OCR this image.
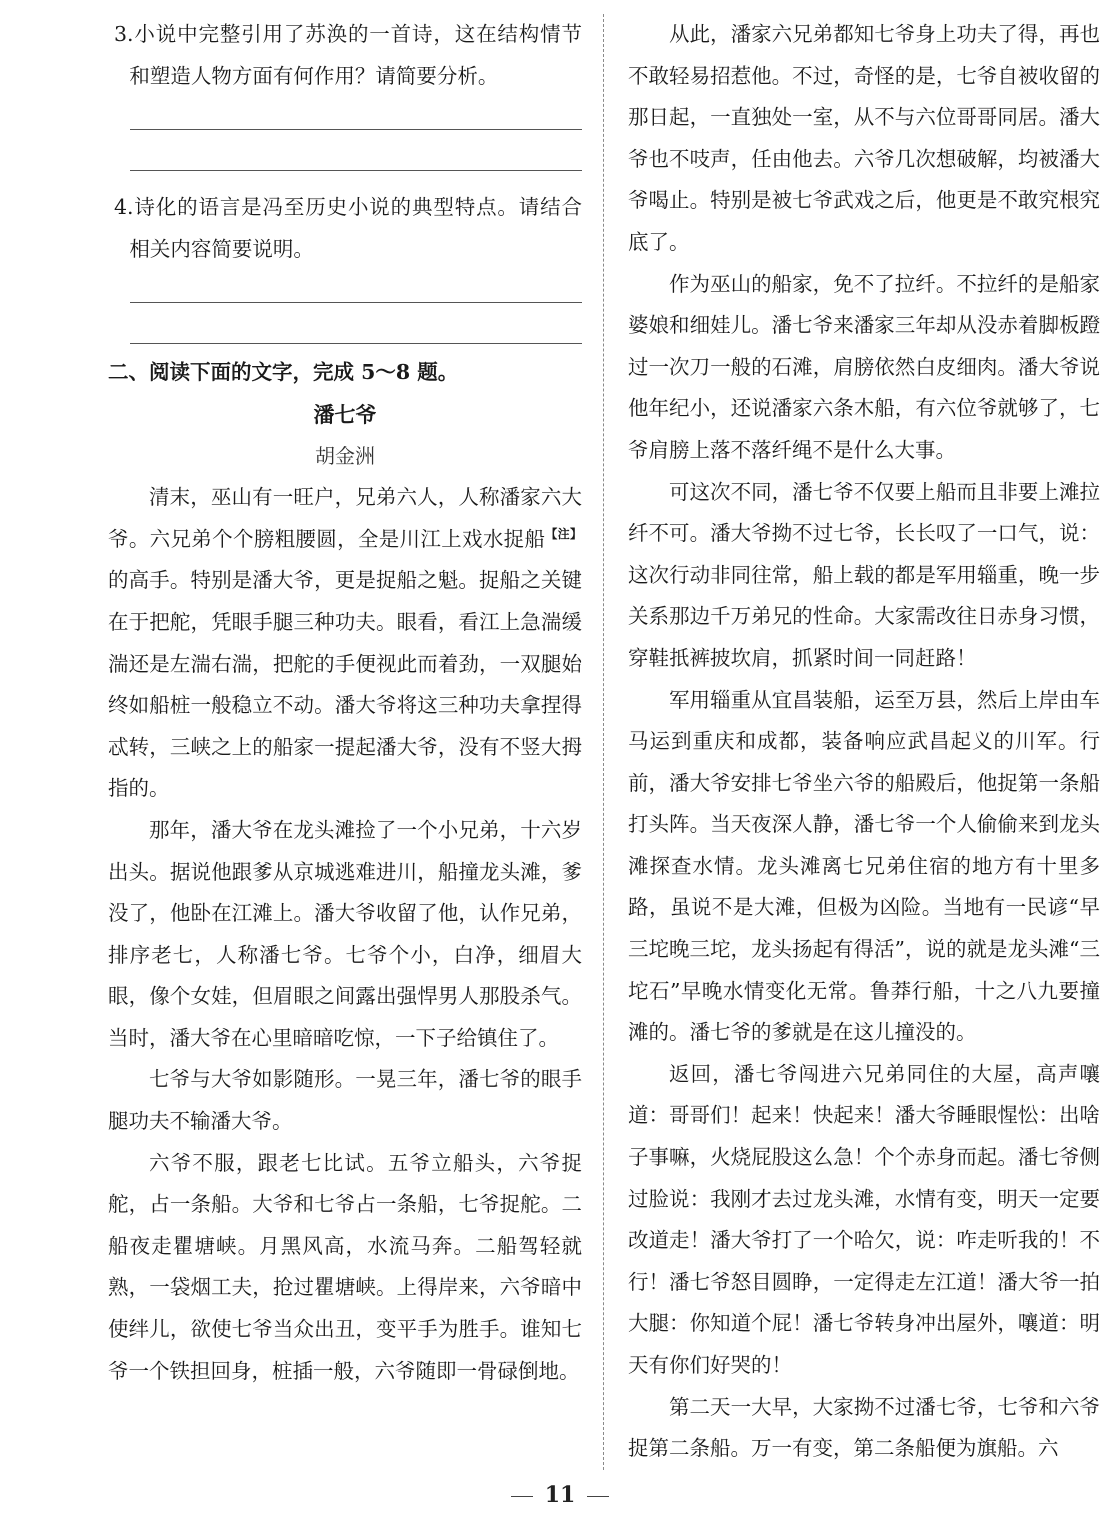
3.小说中完整引用了苏涣的一首诗，这在结构情节和塑造人物方面有何作用？请简要分析。

4.诗化的语言是冯至历史小说的典型特点。请结合相关内容简要说明。

二、阅读下面的文字，完成 5～8 题。

潘七爷

胡金洲

清末，巫山有一旺户，兄弟六人，人称潘家六大爷。六兄弟个个膀粗腰圆，全是川江上戏水捉船$^{【注】}$的高手。特别是潘大爷，更是捉船之魁。捉船之关键在于把舵，凭眼手腿三种功夫。眼看，看江上急湍缓湍还是左湍右湍，把舵的手便视此而着劲，一双腿始终如船桩一般稳立不动。潘大爷将这三种功夫拿捏得忒转，三峡之上的船家一提起潘大爷，没有不竖大拇指的。

那年，潘大爷在龙头滩捡了一个小兄弟，十六岁出头。据说他跟爹从京城逃难进川，船撞龙头滩，爹没了，他卧在江滩上。潘大爷收留了他，认作兄弟，排序老七，人称潘七爷。七爷个小，白净，细眉大眼，像个女娃，但眉眼之间露出强悍男人那股杀气。当时，潘大爷在心里暗暗吃惊，一下子给镇住了。

七爷与大爷如影随形。一晃三年，潘七爷的眼手腿功夫不输潘大爷。

六爷不服，跟老七比试。五爷立船头，六爷捉舵，占一条船。大爷和七爷占一条船，七爷捉舵。二船夜走瞿塘峡。月黑风高，水流马奔。二船驾轻就熟，一袋烟工夫，抢过瞿塘峡。上得岸来，六爷暗中使绊儿，欲使七爷当众出丑，变平手为胜手。谁知七爷一个铁担回身，桩插一般，六爷随即一骨碌倒地。

从此，潘家六兄弟都知七爷身上功夫了得，再也不敢轻易招惹他。不过，奇怪的是，七爷自被收留的那日起，一直独处一室，从不与六位哥哥同居。潘大爷也不吱声，任由他去。六爷几次想破解，均被潘大爷喝止。特别是被七爷武戏之后，他更是不敢究根究底了。

作为巫山的船家，免不了拉纤。不拉纤的是船家婆娘和细娃儿。潘七爷来潘家三年却从没赤着脚板蹬过一次刀一般的石滩，肩膀依然白皮细肉。潘大爷说他年纪小，还说潘家六条木船，有六位爷就够了，七爷肩膀上落不落纤绳不是什么大事。

可这次不同，潘七爷不仅要上船而且非要上滩拉纤不可。潘大爷拗不过七爷，长长叹了一口气，说：这次行动非同往常，船上载的都是军用辎重，晚一步关系那边千万弟兄的性命。大家需改往日赤身习惯，穿鞋扺裤披坎肩，抓紧时间一同赶路！

军用辎重从宜昌装船，运至万县，然后上岸由车马运到重庆和成都，装备响应武昌起义的川军。行前，潘大爷安排七爷坐六爷的船殿后，他捉第一条船打头阵。当天夜深人静，潘七爷一个人偷偷来到龙头滩探查水情。龙头滩离七兄弟住宿的地方有十里多路，虽说不是大滩，但极为凶险。当地有一民谚“早三坨晚三坨，龙头扬起有得活”，说的就是龙头滩“三坨石”早晚水情变化无常。鲁莽行船，十之八九要撞滩的。潘七爷的爹就是在这儿撞没的。

返回，潘七爷闯进六兄弟同住的大屋，高声嚷道：哥哥们！起来！快起来！潘大爷睡眼惺忪：出啥子事嘛，火烧屁股这么急！个个赤身而起。潘七爷侧过脸说：我刚才去过龙头滩，水情有变，明天一定要改道走！潘大爷打了一个哈欠，说：咋走听我的！不行！潘七爷怒目圆睁，一定得走左江道！潘大爷一拍大腿：你知道个屁！潘七爷转身冲出屋外，嚷道：明天有你们好哭的！

第二天一大早，大家拗不过潘七爷，七爷和六爷捉第二条船。万一有变，第二条船便为旗船。六

11
